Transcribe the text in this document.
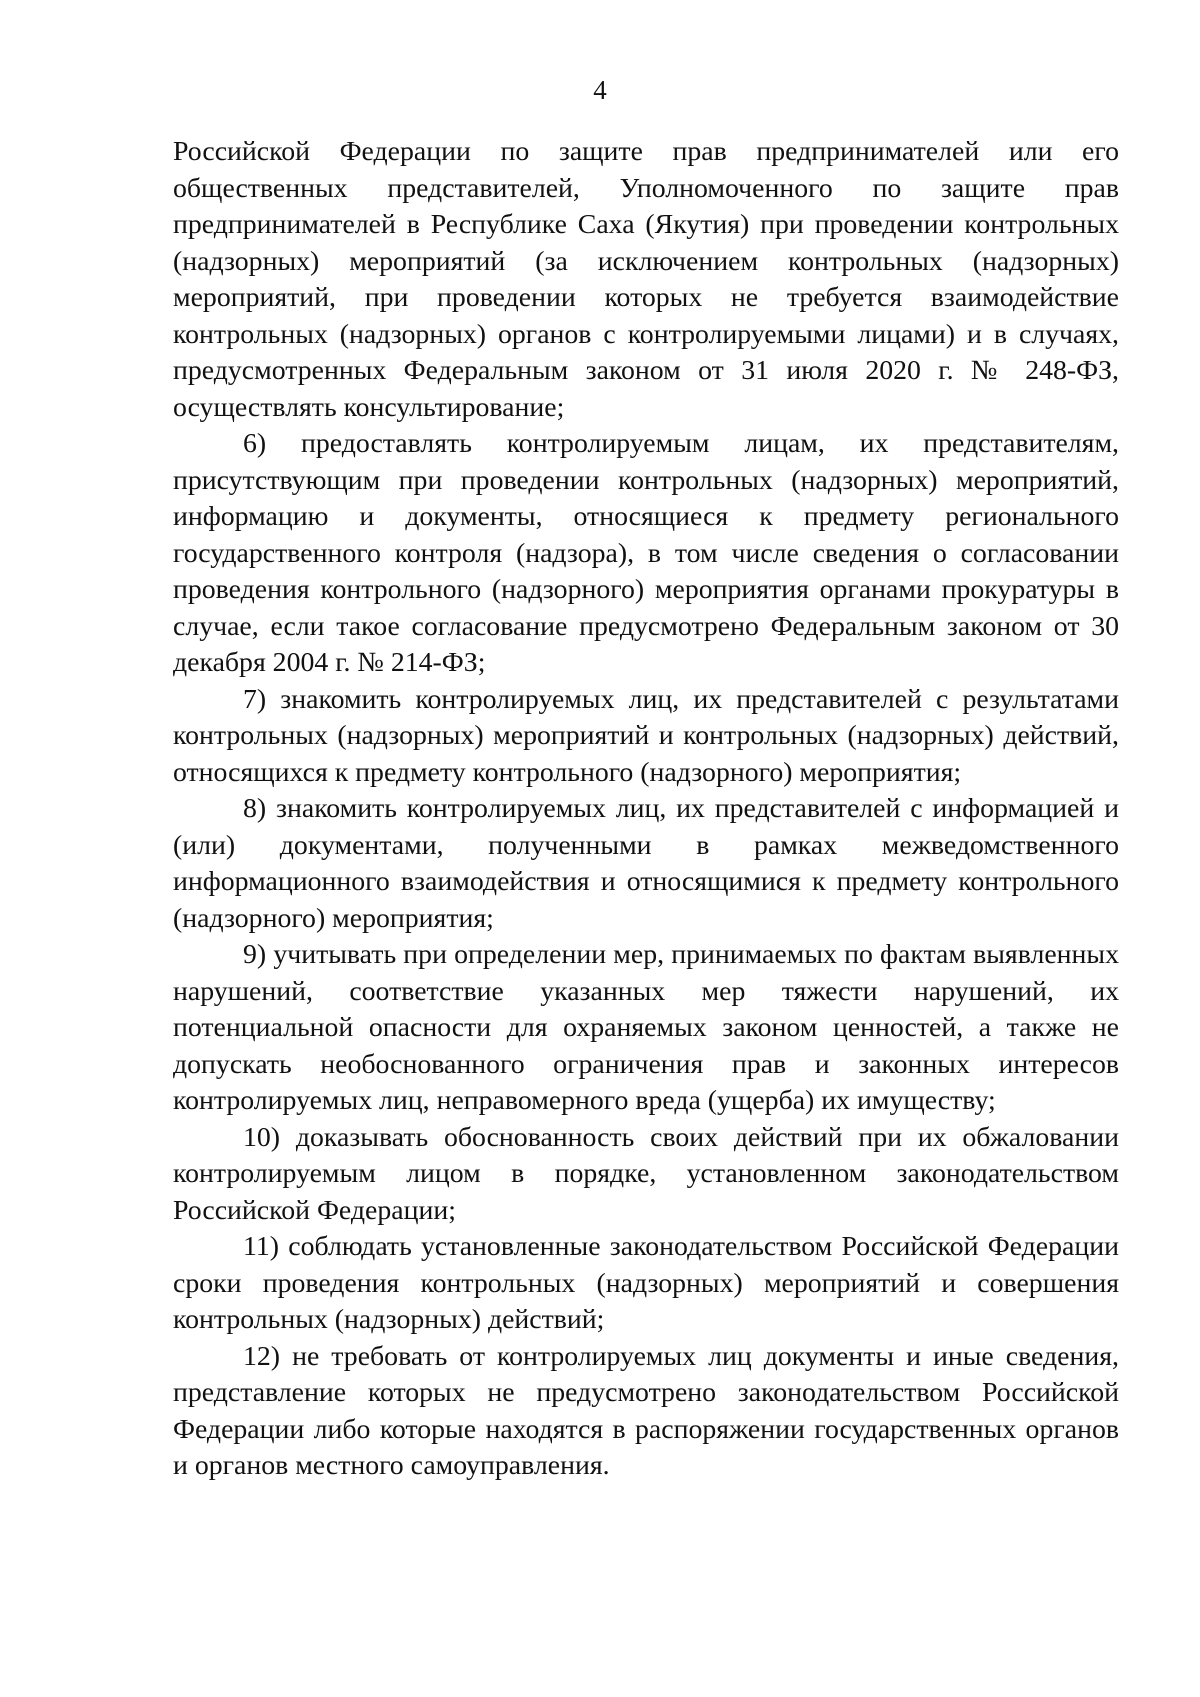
4

Российской Федерации по защите прав предпринимателей или его общественных представителей, Уполномоченного по защите прав предпринимателей в Республике Саха (Якутия) при проведении контрольных (надзорных) мероприятий (за исключением контрольных (надзорных) мероприятий, при проведении которых не требуется взаимодействие контрольных (надзорных) органов с контролируемыми лицами) и в случаях, предусмотренных Федеральным законом от 31 июля 2020 г. № 248-ФЗ, осуществлять консультирование;

6) предоставлять контролируемым лицам, их представителям, присутствующим при проведении контрольных (надзорных) мероприятий, информацию и документы, относящиеся к предмету регионального государственного контроля (надзора), в том числе сведения о согласовании проведения контрольного (надзорного) мероприятия органами прокуратуры в случае, если такое согласование предусмотрено Федеральным законом от 30 декабря 2004 г. № 214-ФЗ;

7) знакомить контролируемых лиц, их представителей с результатами контрольных (надзорных) мероприятий и контрольных (надзорных) действий, относящихся к предмету контрольного (надзорного) мероприятия;

8) знакомить контролируемых лиц, их представителей с информацией и (или) документами, полученными в рамках межведомственного информационного взаимодействия и относящимися к предмету контрольного (надзорного) мероприятия;

9) учитывать при определении мер, принимаемых по фактам выявленных нарушений, соответствие указанных мер тяжести нарушений, их потенциальной опасности для охраняемых законом ценностей, а также не допускать необоснованного ограничения прав и законных интересов контролируемых лиц, неправомерного вреда (ущерба) их имуществу;

10) доказывать обоснованность своих действий при их обжаловании контролируемым лицом в порядке, установленном законодательством Российской Федерации;

11) соблюдать установленные законодательством Российской Федерации сроки проведения контрольных (надзорных) мероприятий и совершения контрольных (надзорных) действий;

12) не требовать от контролируемых лиц документы и иные сведения, представление которых не предусмотрено законодательством Российской Федерации либо которые находятся в распоряжении государственных органов и органов местного самоуправления.
